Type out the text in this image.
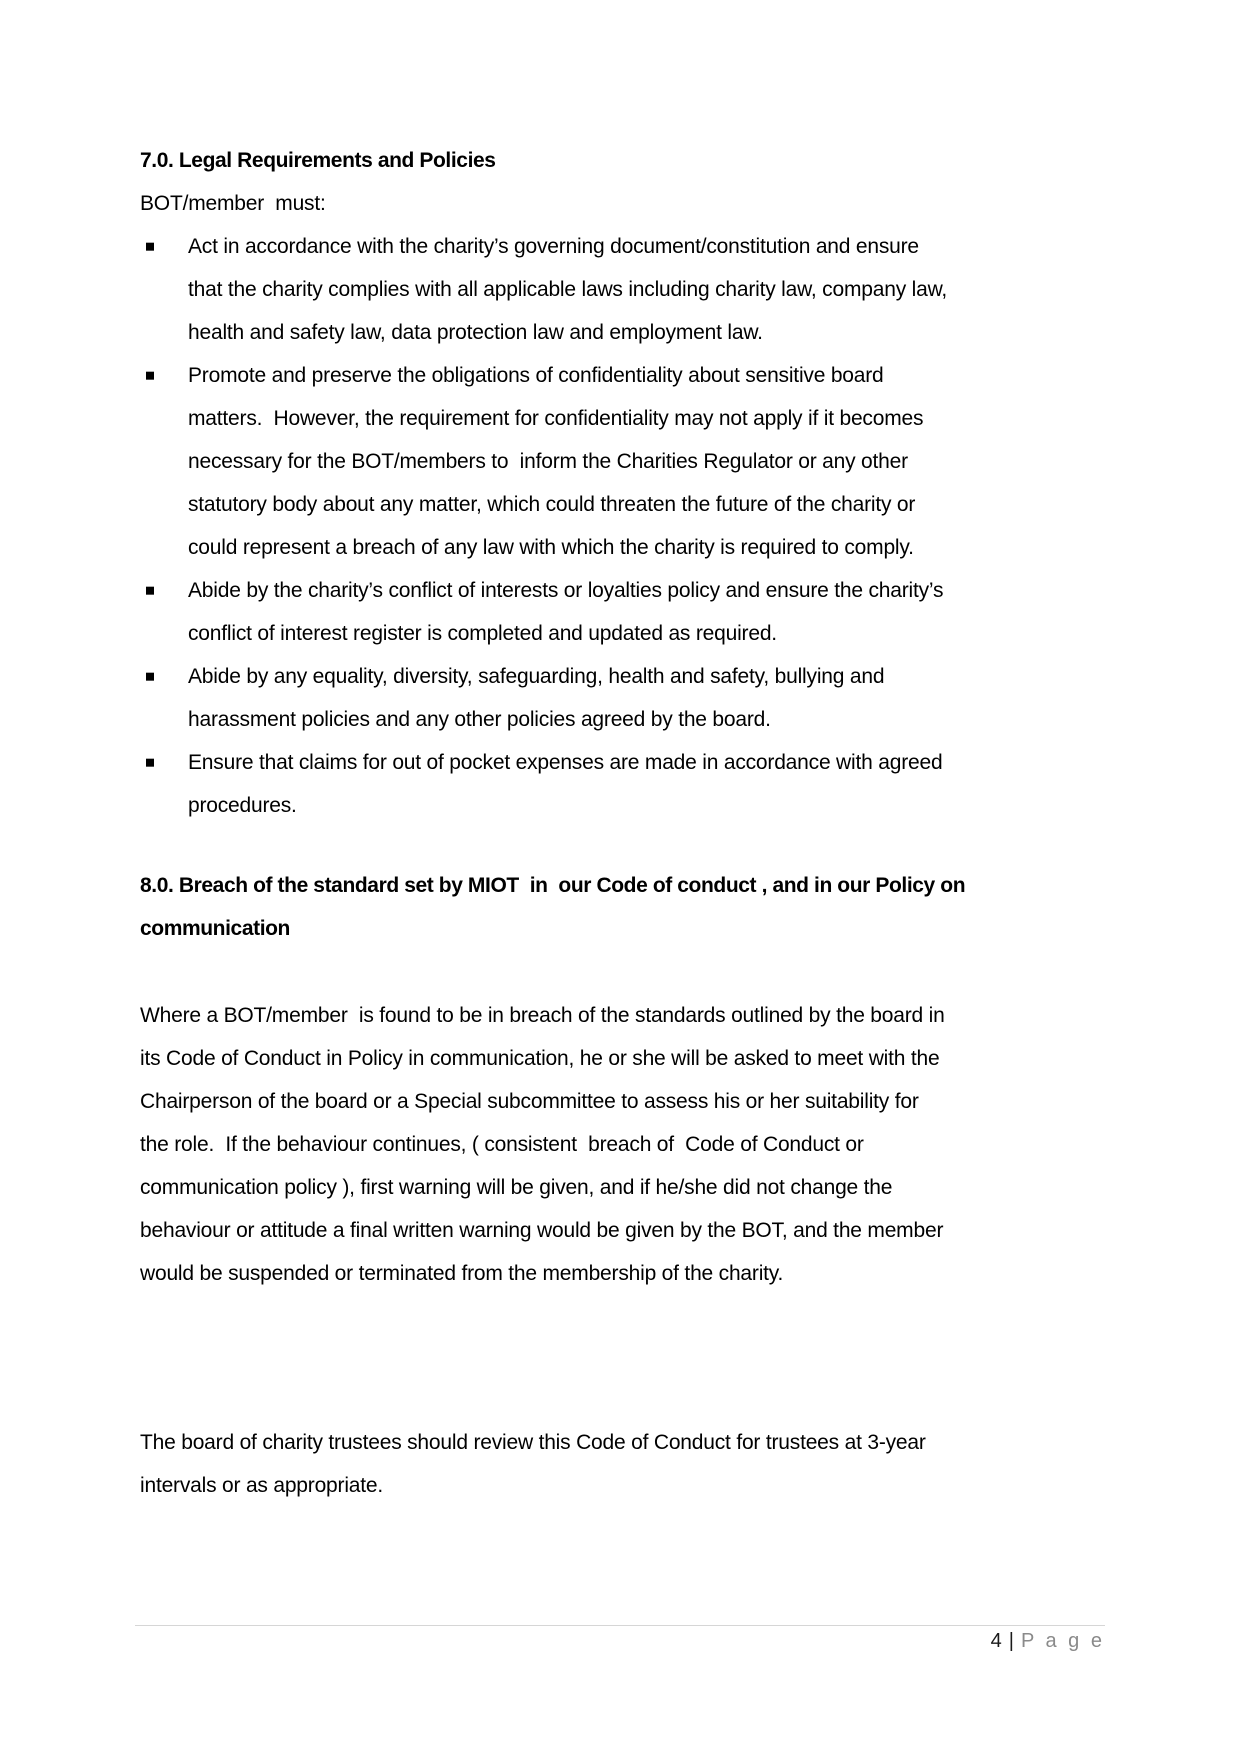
7.0. Legal Requirements and Policies
BOT/member  must:
Act in accordance with the charity’s governing document/constitution and ensure
that the charity complies with all applicable laws including charity law, company law,
health and safety law, data protection law and employment law.
Promote and preserve the obligations of confidentiality about sensitive board
matters.  However, the requirement for confidentiality may not apply if it becomes
necessary for the BOT/members to  inform the Charities Regulator or any other
statutory body about any matter, which could threaten the future of the charity or
could represent a breach of any law with which the charity is required to comply.
Abide by the charity’s conflict of interests or loyalties policy and ensure the charity’s
conflict of interest register is completed and updated as required.
Abide by any equality, diversity, safeguarding, health and safety, bullying and
harassment policies and any other policies agreed by the board.
Ensure that claims for out of pocket expenses are made in accordance with agreed
procedures.
8.0. Breach of the standard set by MIOT  in  our Code of conduct , and in our Policy on
communication
Where a BOT/member  is found to be in breach of the standards outlined by the board in
its Code of Conduct in Policy in communication, he or she will be asked to meet with the
Chairperson of the board or a Special subcommittee to assess his or her suitability for
the role.  If the behaviour continues, ( consistent  breach of  Code of Conduct or
communication policy ), first warning will be given, and if he/she did not change the
behaviour or attitude a final written warning would be given by the BOT, and the member
would be suspended or terminated from the membership of the charity.
The board of charity trustees should review this Code of Conduct for trustees at 3-year
intervals or as appropriate.
4 | P a g e
